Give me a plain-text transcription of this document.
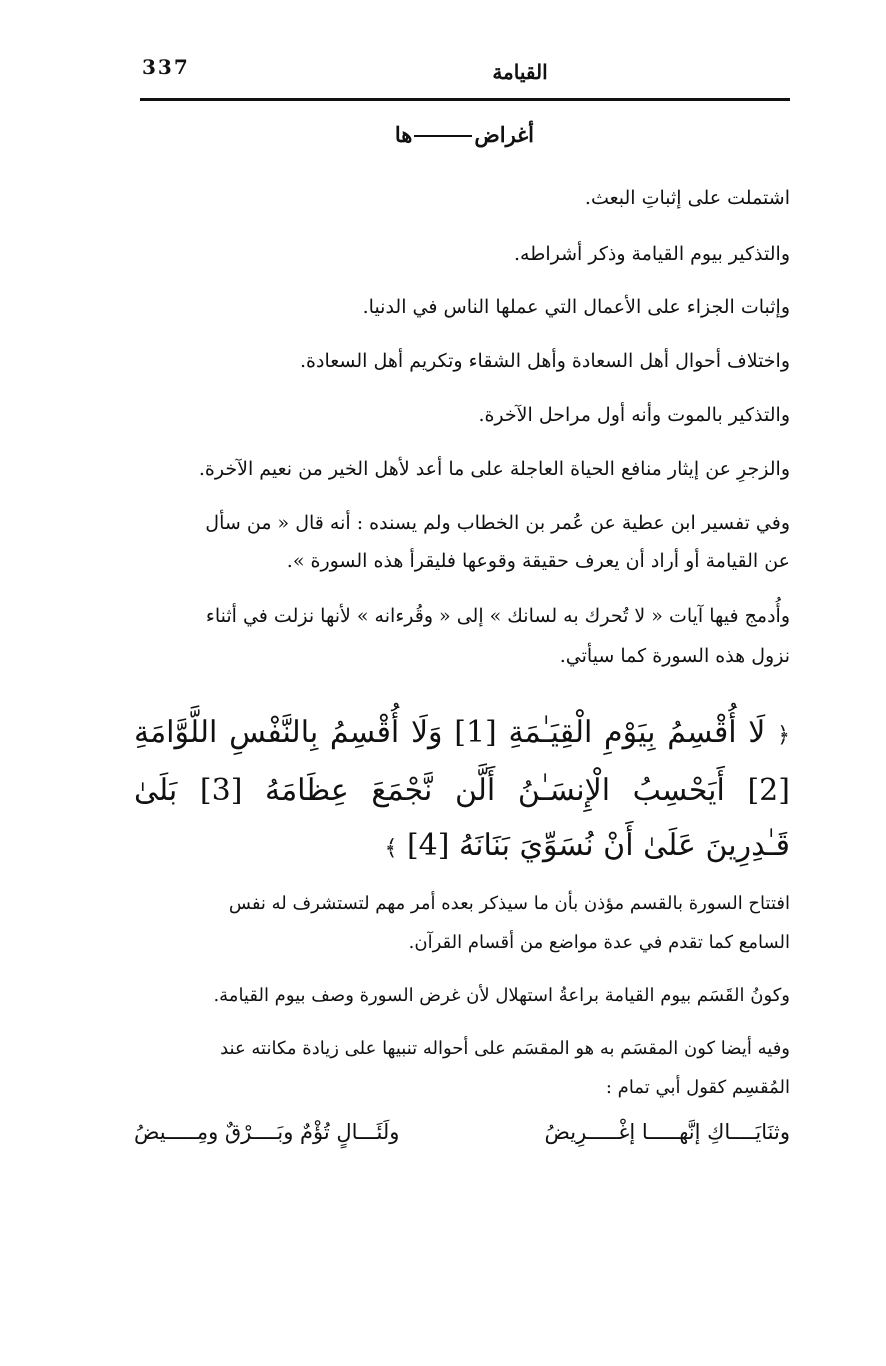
337	القيامة
أغراض
ها
اشتملت على إثباتِ البعث.
والتذكير بيوم القيامة وذكر أشراطه.
وإثبات الجزاء على الأعمال التي عملها الناس في الدنيا.
واختلاف أحوال أهل السعادة وأهل الشقاء وتكريم أهل السعادة.
والتذكير بالموت وأنه أول مراحل الآخرة.
والزجرِ عن إيثار منافع الحياة العاجلة على ما أعد لأهل الخير من نعيم الآخرة.
وفي تفسير ابن عطية عن عُمر بن الخطاب ولم يسنده : أنه قال « من سأل
عن القيامة أو أراد أن يعرف حقيقة وقوعها فليقرأ هذه السورة ».
وأُدمج فيها آيات « لا تُحرك به لسانك » إلى « وقُرءانه » لأنها نزلت في أثناء
نزول هذه السورة كما سيأتي.
﴿ لَا أُقْسِمُ بِيَوْمِ الْقِيَـٰمَةِ [1] وَلَا أُقْسِمُ بِالنَّفْسِ اللَّوَّامَةِ [2] أَيَحْسِبُ الْإِنسَـٰنُ أَلَّن نَّجْمَعَ عِظَامَهُ [3] بَلَىٰ قَـٰدِرِينَ عَلَىٰ أَنْ نُسَوِّيَ بَنَانَهُ [4] ﴾
افتتاح السورة بالقسم مؤذن بأن ما سيذكر بعده أمر مهم لتستشرف له نفس
السامع كما تقدم في عدة مواضع من أقسام القرآن.
وكونُ القَسَم بيوم القيامة براعةُ استهلال لأن غرض السورة وصف بيوم القيامة.
وفيه أيضا كون المقسَم به هو المقسَم على أحواله تنبيها على زيادة مكانته عند
المُقسِم كقول أبي تمام :
وثنَايَــــاكِ إنَّهـــــا إغْـــــرِيضُ
ولَئَـــالٍ تُؤْمٌ وبَــــرْقٌ ومِـــــيضُ
